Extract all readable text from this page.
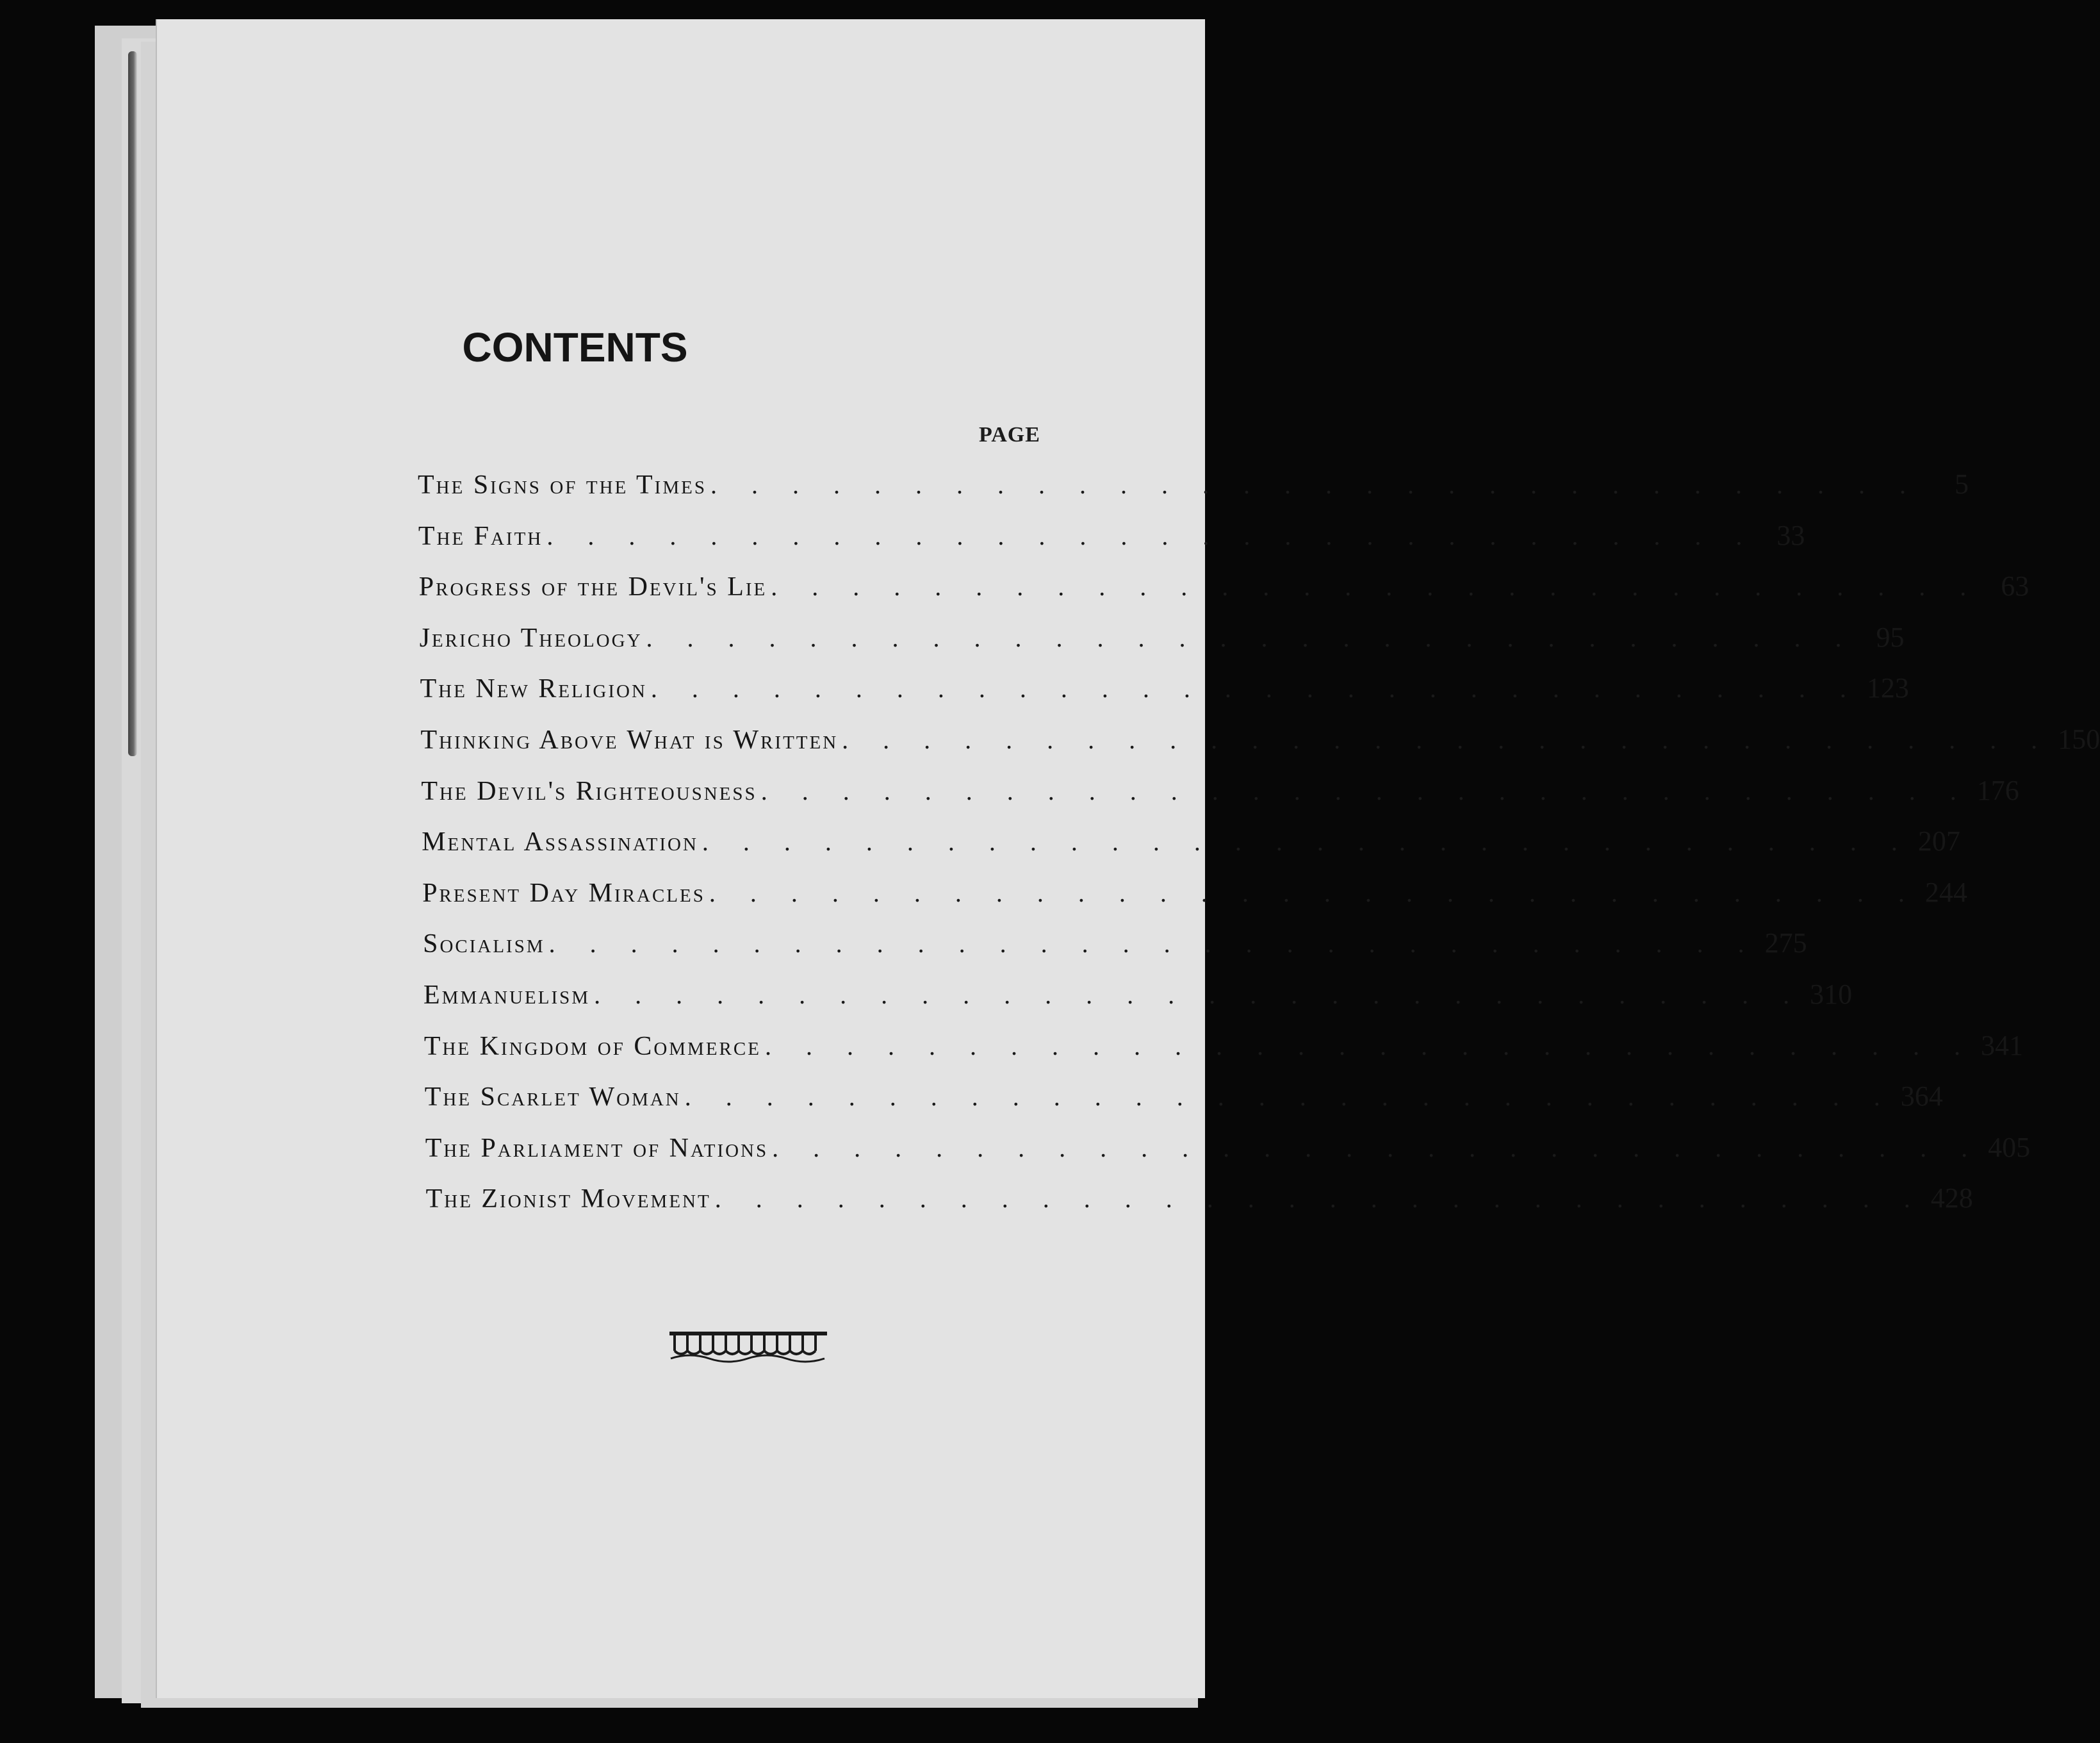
CONTENTS
PAGE
The Signs of the Times . . . . . . . . . . . . . . . . . . . . . . . . . . . . . .	5
The Faith . . . . . . . . . . . . . . . . . . . . . . . . . . . . . . 33
Progress of the Devil's Lie . . . . . . . . . . . . . . . . . . . . . . . . . . . . . . 63
Jericho Theology . . . . . . . . . . . . . . . . . . . . . . . . . . . . . . 95
The New Religion . . . . . . . . . . . . . . . . . . . . . . . . . . . . . . 123
Thinking Above What is Written . . . . . . . . . . . . . . . . . . . . . . . . . . . . . . 150
The Devil's Righteousness . . . . . . . . . . . . . . . . . . . . . . . . . . . . . . 176
Mental Assassination . . . . . . . . . . . . . . . . . . . . . . . . . . . . . . 207
Present Day Miracles . . . . . . . . . . . . . . . . . . . . . . . . . . . . . . 244
Socialism . . . . . . . . . . . . . . . . . . . . . . . . . . . . . . 275
Emmanuelism . . . . . . . . . . . . . . . . . . . . . . . . . . . . . . 310
The Kingdom of Commerce . . . . . . . . . . . . . . . . . . . . . . . . . . . . . . 341
The Scarlet Woman . . . . . . . . . . . . . . . . . . . . . . . . . . . . . . 364
The Parliament of Nations . . . . . . . . . . . . . . . . . . . . . . . . . . . . . . 405
The Zionist Movement . . . . . . . . . . . . . . . . . . . . . . . . . . . . . . 428
